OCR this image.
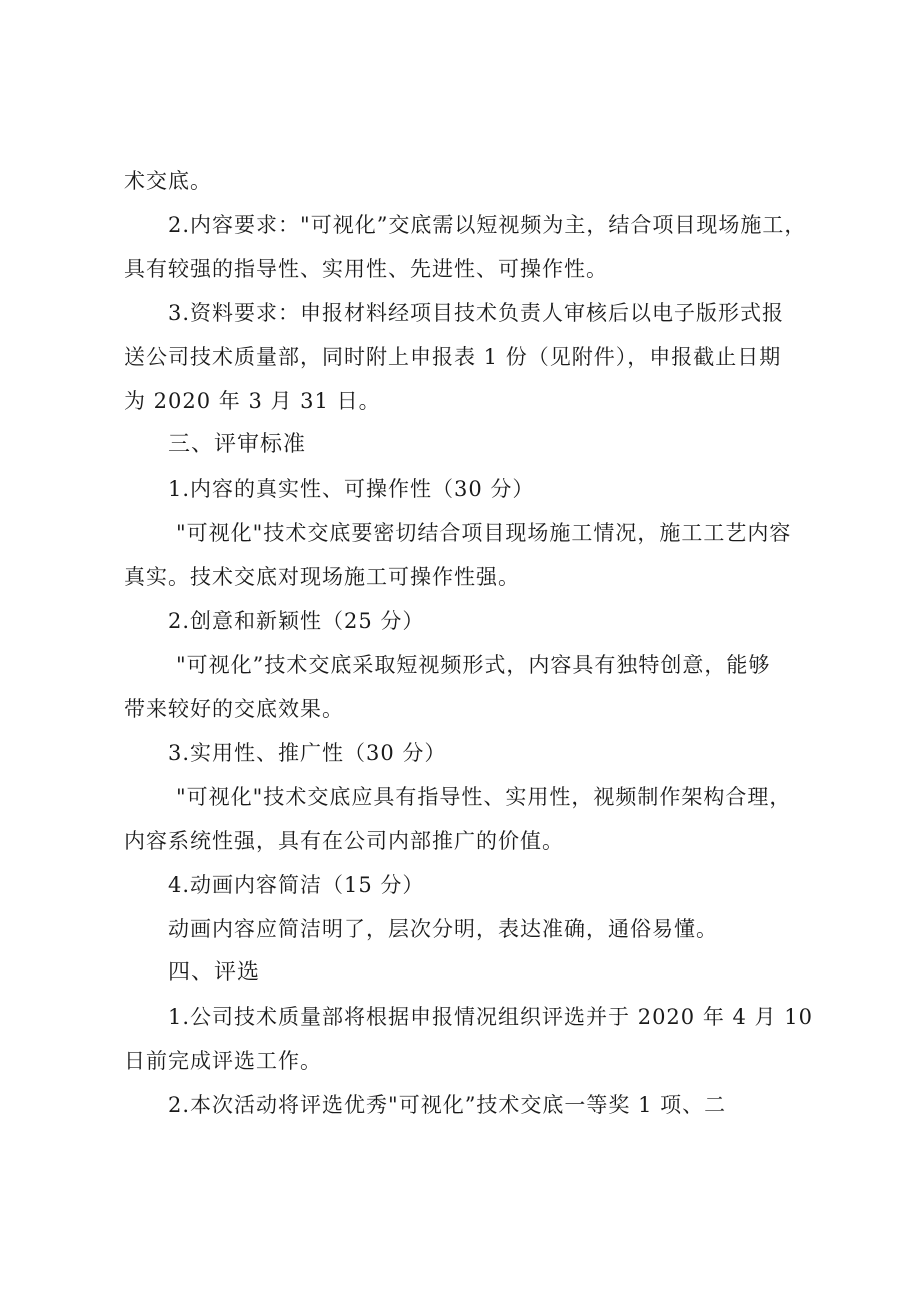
术交底。
2.内容要求："可视化”交底需以短视频为主，结合项目现场施工，
具有较强的指导性、实用性、先进性、可操作性。
3.资料要求：申报材料经项目技术负责人审核后以电子版形式报
送公司技术质量部，同时附上申报表 1 份（见附件），申报截止日期
为 2020 年 3 月 31 日。
三、评审标准
1.内容的真实性、可操作性（30 分）
"可视化"技术交底要密切结合项目现场施工情况，施工工艺内容
真实。技术交底对现场施工可操作性强。
2.创意和新颖性（25 分）
"可视化”技术交底采取短视频形式，内容具有独特创意，能够
带来较好的交底效果。
3.实用性、推广性（30 分）
"可视化"技术交底应具有指导性、实用性，视频制作架构合理，
内容系统性强，具有在公司内部推广的价值。
4.动画内容简洁（15 分）
动画内容应简洁明了，层次分明，表达准确，通俗易懂。
四、评选
1.公司技术质量部将根据申报情况组织评选并于 2020 年 4 月 10
日前完成评选工作。
2.本次活动将评选优秀"可视化”技术交底一等奖 1 项、二
